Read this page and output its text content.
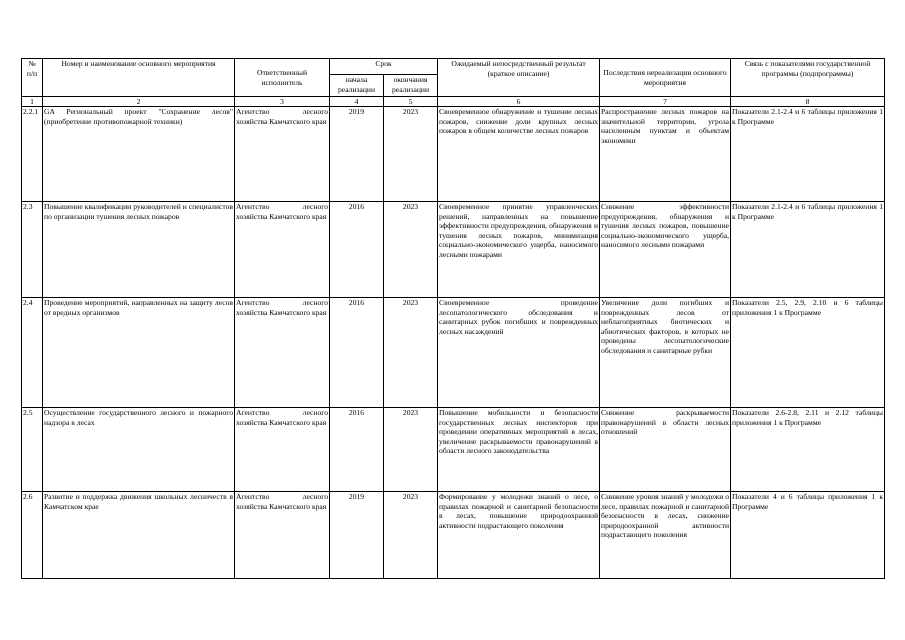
№
п/п	Номер и наименование основного мероприятия	Ответственный исполнитель	Срок		Ожидаемый непосредственный результат (краткое описание)	Последствия нереализации основного мероприятия	Связь с показателями государственной программы (подпрограммы)
			начала реализации	окончания реализации			
1	2	3	4	5	6	7	8
2.2.1	GA Региональный проект "Сохранение лесов" (приобретение противопожарной техники)	Агентство лесного хозяйства Камчатского края	2019	2023	Своевременное обнаружение и тушение лесных пожаров, снижение доли крупных лесных пожаров в общем количестве лесных пожаров	Распространение лесных пожаров на значительной территории, угроза населенным пунктам и объектам экономики	Показатели 2.1-2.4 и 6 таблицы приложения 1 к Программе
2.3	Повышение квалификации руководителей и специалистов по организации тушения лесных пожаров	Агентство лесного хозяйства Камчатского края	2016	2023	Своевременное принятие управленческих решений, направленных на повышение эффективности предупреждения, обнаружения и тушения лесных пожаров, минимизация социально-экономического ущерба, наносимого лесными пожарами	Снижение эффективности предупреждения, обнаружения и тушения лесных пожаров, повышение социально-экономического ущерба, наносимого лесными пожарами	Показатели 2.1-2.4 и 6 таблицы приложения 1 к Программе
2.4	Проведение мероприятий, направленных на защиту лесов от вредных организмов	Агентство лесного хозяйства Камчатского края	2016	2023	Своевременное проведение лесопатологического обследования и санитарных рубок погибших и поврежденных лесных насаждений	Увеличение доли погибших и поврежденных лесов от неблагоприятных биотических и абиотических факторов, в которых не проведены лесопатологические обследования и санитарные рубки	Показатели 2.5, 2.9, 2.10 и 6 таблицы приложения 1 к Программе
2.5	Осуществление государственного лесного и пожарного надзора в лесах	Агентство лесного хозяйства Камчатского края	2016	2023	Повышение мобильности и безопасности государственных лесных инспекторов при проведении оперативных мероприятий в лесах, увеличение раскрываемости правонарушений в области лесного законодательства	Снижение раскрываемости правонарушений в области лесных отношений	Показатели 2.6-2.8, 2.11 и 2.12 таблицы приложения 1 к Программе
2.6	Развитие и поддержка движения школьных лесничеств в Камчатском крае	Агентство лесного хозяйства Камчатского края	2019	2023	Формирование у молодежи знаний о лесе, о правилах пожарной и санитарной безопасности в лесах, повышение природоохранной активности подрастающего поколения	Снижение уровня знаний у молодежи о лесе, правилах пожарной и санитарной безопасности в лесах, снижение природоохранной активности подрастающего поколения	Показатели 4 и 6 таблицы приложения 1 к Программе
